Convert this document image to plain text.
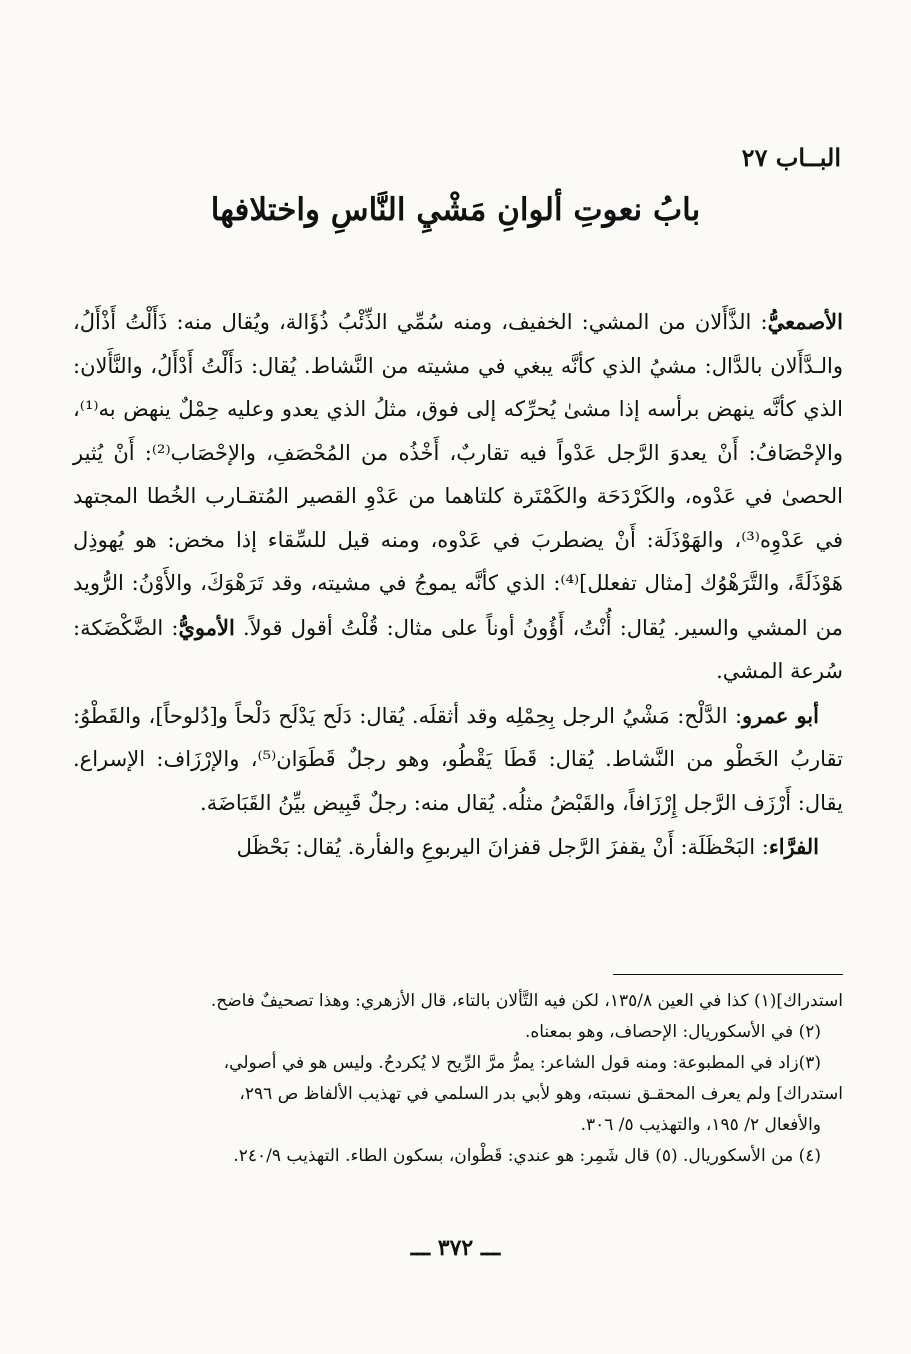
البــاب ٢٧
بابُ نعوتِ ألوانِ مَشْيِ النَّاسِ واختلافها

الأصمعيُّ: الذَّأَلان من المشي: الخفيف، ومنه سُمِّي الذِّئْبُ ذُؤَالة، ويُقال منه: ذَأَلْتُ أَذْأَلُ، والـدَّأَلان بالدَّال: مشيُ الذي كأنَّه يبغي في مشيته من النَّشاط. يُقال: دَأَلْتُ أَدْأَلُ، والنَّأَلان: الذي كأنَّه ينهض برأسه إذا مشىٰ يُحرِّكه إلى فوق، مثلُ الذي يعدو وعليه حِمْلٌ ينهض به⁽¹⁾، والإحْصَافُ: أَنْ يعدوَ الرَّجل عَدْواً فيه تقاربٌ، أَخْذُه من المُحْصَفِ، والإحْصَاب⁽²⁾: أَنْ يُثير الحصىٰ في عَدْوه، والكَرْدَحَة والكَمْتَرة كلتاهما من عَدْوِ القصير المُتقـارب الخُطا المجتهد في عَدْوِه⁽³⁾، والهَوْذَلَة: أَنْ يضطربَ في عَدْوه، ومنه قيل للسِّقاء إذا مخض: هو يُهوذِل هَوْذَلَةً، والتَّرَهْوُك [مثال تفعلل]⁽⁴⁾: الذي كأنَّه يموجُ في مشيته، وقد تَرَهْوَكَ، والأَوْنُ: الرُّويد من المشي والسير. يُقال: أُنْتُ، أَؤُونُ أوناً على مثال: قُلْتُ أقول قولاً. الأمويُّ: الضَّكْضَكة: سُرعة المشي.

أبو عمرو: الدَّلْح: مَشْيُ الرجل بِحِمْلِه وقد أثقلَه. يُقال: دَلَح يَدْلَح دَلْحاً و[دُلوحاً]، والقَطْوُ: تقاربُ الخَطْو من النَّشاط. يُقال: قَطَا يَقْطُو، وهو رجلٌ قَطَوَان⁽⁵⁾، والإرْزَاف: الإسراع. يقال: أَرْزَف الرَّجل إِرْزَافاً، والقَبْضُ مثلُه. يُقال منه: رجلٌ قَبِيض بيِّنُ القَبَاضَة.

الفرَّاء: البَحْظَلَة: أَنْ يقفزَ الرَّجل قفزانَ اليربوعِ والفأرة. يُقال: بَحْظَل

استدراك](١) كذا في العين ١٣٥/٨، لكن فيه التَّألان بالتاء، قال الأزهري: وهذا تصحيفٌ فاضح.
(٢) في الأسكوريال: الإحصاف، وهو بمعناه.
(٣)زاد في المطبوعة: ومنه قول الشاعر: يمرُّ مرَّ الرِّيح لا يُكردحُ. وليس هو في أصولي،
استدراك] ولم يعرف المحقـق نسبته، وهو لأبي بدر السلمي في تهذيب الألفاظ ص ٢٩٦،
والأفعال ٢/ ١٩٥، والتهذيب ٥/ ٣٠٦.
(٤) من الأسكوريال. (٥) قال شَمِر: هو عندي: قَطْوان، بسكون الطاء. التهذيب ٢٤٠/٩.
ـــ ٣٧٢ ـــ
